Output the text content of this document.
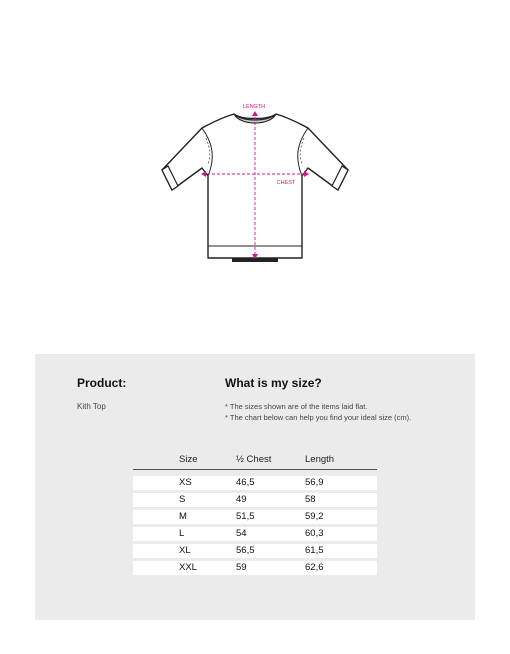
LENGTH
CHEST
Product:
Kith Top
What is my size?
* The sizes shown are of the items laid flat.
* The chart below can help you find your ideal size (cm).
Size	½ Chest	Length
XS	46,5	56,9
S	49	58
M	51,5	59,2
L	54	60,3
XL	56,5	61,5
XXL	59	62,6
